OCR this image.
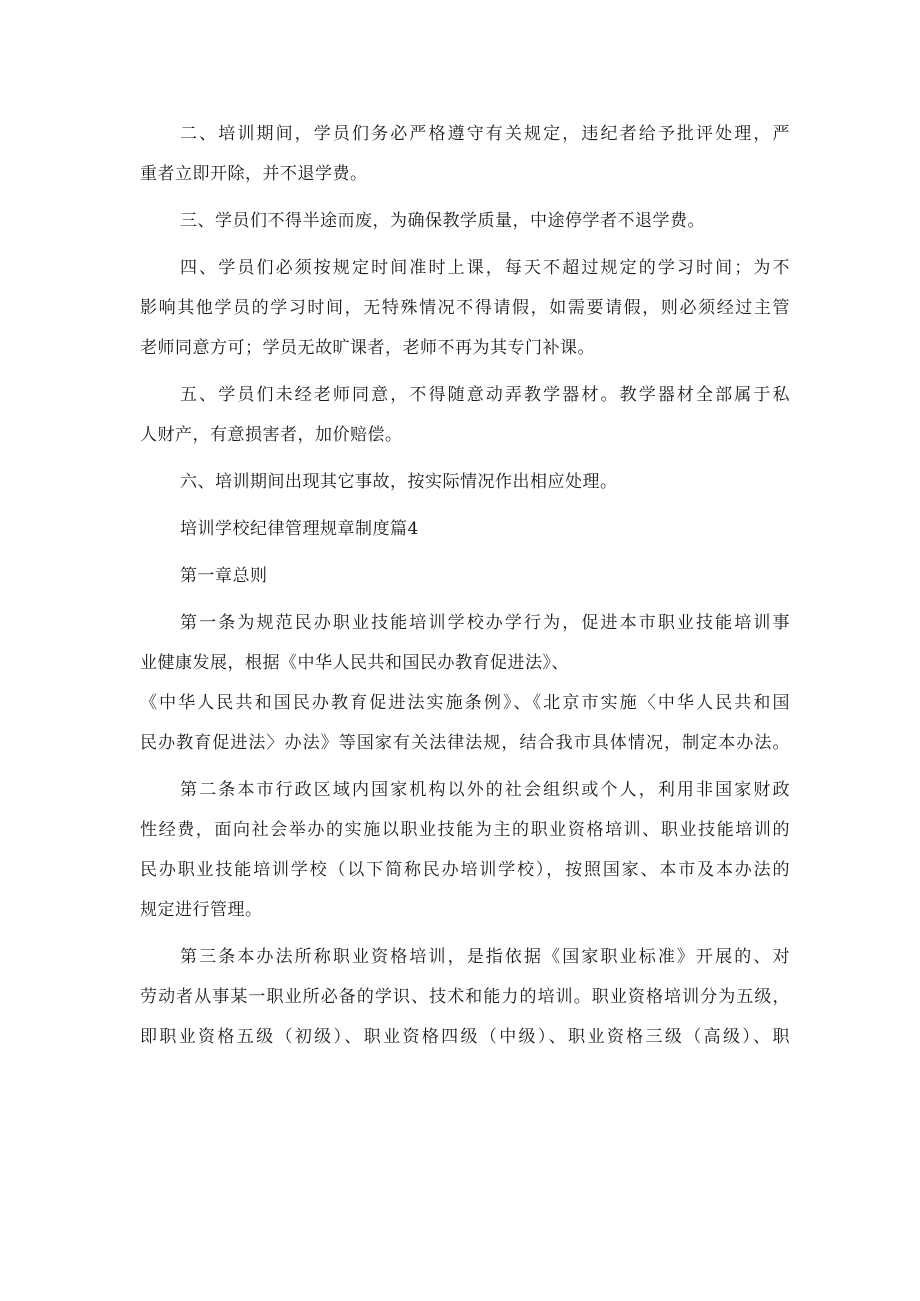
二、培训期间，学员们务必严格遵守有关规定，违纪者给予批评处理，严
重者立即开除，并不退学费。

三、学员们不得半途而废，为确保教学质量，中途停学者不退学费。

四、学员们必须按规定时间准时上课，每天不超过规定的学习时间；为不
影响其他学员的学习时间，无特殊情况不得请假，如需要请假，则必须经过主管
老师同意方可；学员无故旷课者，老师不再为其专门补课。

五、学员们未经老师同意，不得随意动弄教学器材。教学器材全部属于私
人财产，有意损害者，加价赔偿。

六、培训期间出现其它事故，按实际情况作出相应处理。

培训学校纪律管理规章制度篇4

第一章总则

第一条为规范民办职业技能培训学校办学行为，促进本市职业技能培训事
业健康发展，根据《中华人民共和国民办教育促进法》、
《中华人民共和国民办教育促进法实施条例》、《北京市实施〈中华人民共和国
民办教育促进法〉办法》等国家有关法律法规，结合我市具体情况，制定本办法。

第二条本市行政区域内国家机构以外的社会组织或个人，利用非国家财政
性经费，面向社会举办的实施以职业技能为主的职业资格培训、职业技能培训的
民办职业技能培训学校（以下简称民办培训学校），按照国家、本市及本办法的
规定进行管理。

第三条本办法所称职业资格培训，是指依据《国家职业标准》开展的、对
劳动者从事某一职业所必备的学识、技术和能力的培训。职业资格培训分为五级，
即职业资格五级（初级）、职业资格四级（中级）、职业资格三级（高级）、职
